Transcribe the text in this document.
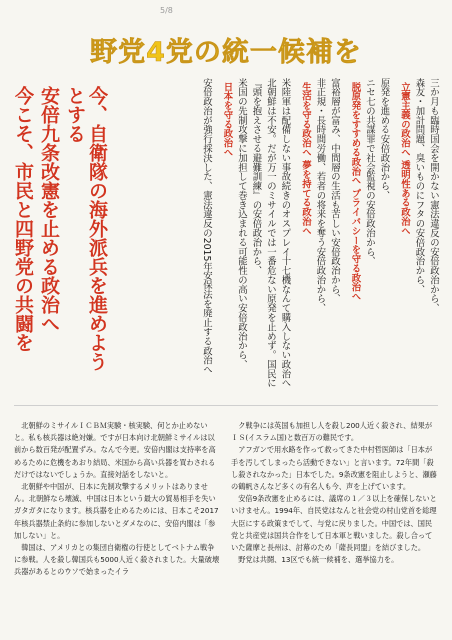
5/8
野党4党の統一候補を
三か月も臨時国会を開かない憲法違反の安倍政治から、
森友・加計問題、臭いものにフタの安倍政治から、
立憲主義の政治へ 透明性ある政治へ
原発を進める安倍政治から、
ニセ七の共謀罪で社会監視の安倍政治から、
脱原発をすすめる政治へ プライバシーを守る政治へ
富裕層が富み、中間層の生活も苦しい安倍政治から、
非正規・長時間労働、若者の将来を奪う安倍政治から、
生活を守る政治へ 夢を持てる政治へ
米陸軍は配備しない事故続きのオスプレイ十七機なんて購入しない政治へ
北朝鮮は不安。だが万一のミサイルでは一番危ない原発を止めず。国民に
『頭を抱えさせる避難訓練』の安倍政治から、
米国の先制攻撃に加担して巻き込まれる可能性の高い安倍政治から、
日本を守る政治へ
安倍政治が強行採決した、憲法違反の2015年安保法を廃止する政治へ
今、自衛隊の海外派兵を進めようとする
安倍九条改憲を止める政治へ
今こそ、市民と四野党の共闘を

北朝鮮のミサイルＩＣＢＭ実験・核実験、何とか止めないと。私も核兵器は絶対嫌。ですが日本向け北朝鮮ミサイルは以前から数百発が配置ずみ。なんで今更。安倍内閣は支持率を高めるために危機をあおり結局、米国から高い兵器を買わされるだけではないでしょうか。直接対話をしないと。

北朝鮮や中国が、日本に先制攻撃するメリットはありません。北朝鮮なら壊滅、中国は日本という最大の貿易相手を失いガタガタになります。核兵器を止めるためには、日本こそ2017年核兵器禁止条約に参加しないとダメなのに、安倍内閣は「参加しない」と。

韓国は、アメリカとの集団自衛権の行使としてベトナム戦争に参戦。人を殺し韓国兵も5000人近く殺されました。大量破壊兵器があるとのウソで始まったイラ

ク戦争には英国も加担し人を殺し200人近く殺され、結果がＩＳ(イスラム国)と数百万の難民です。

アフガンで用水路を作って救ってきた中村哲医師は「日本が手を汚してしまったら活動できない」と言います。72年間「殺し殺されなかった」日本でした。9条改憲を阻止しようと、瀬藤の鶴帆さんなど多くの有名人も今、声を上げています。

安倍9条改憲を止めるには、議席の１／３以上を確保しないといけません。1994年、自民党はなんと社会党の村山党首を総理大臣にする政策までして、与党に戻りました。中国では、国民党と共産党は国共合作をして日本軍と戦いました。殺し合っていた薩摩と長州は、討幕のため「薩長同盟」を結びました。

野党は共闘、13区でも統一候補を、選挙協力を。
